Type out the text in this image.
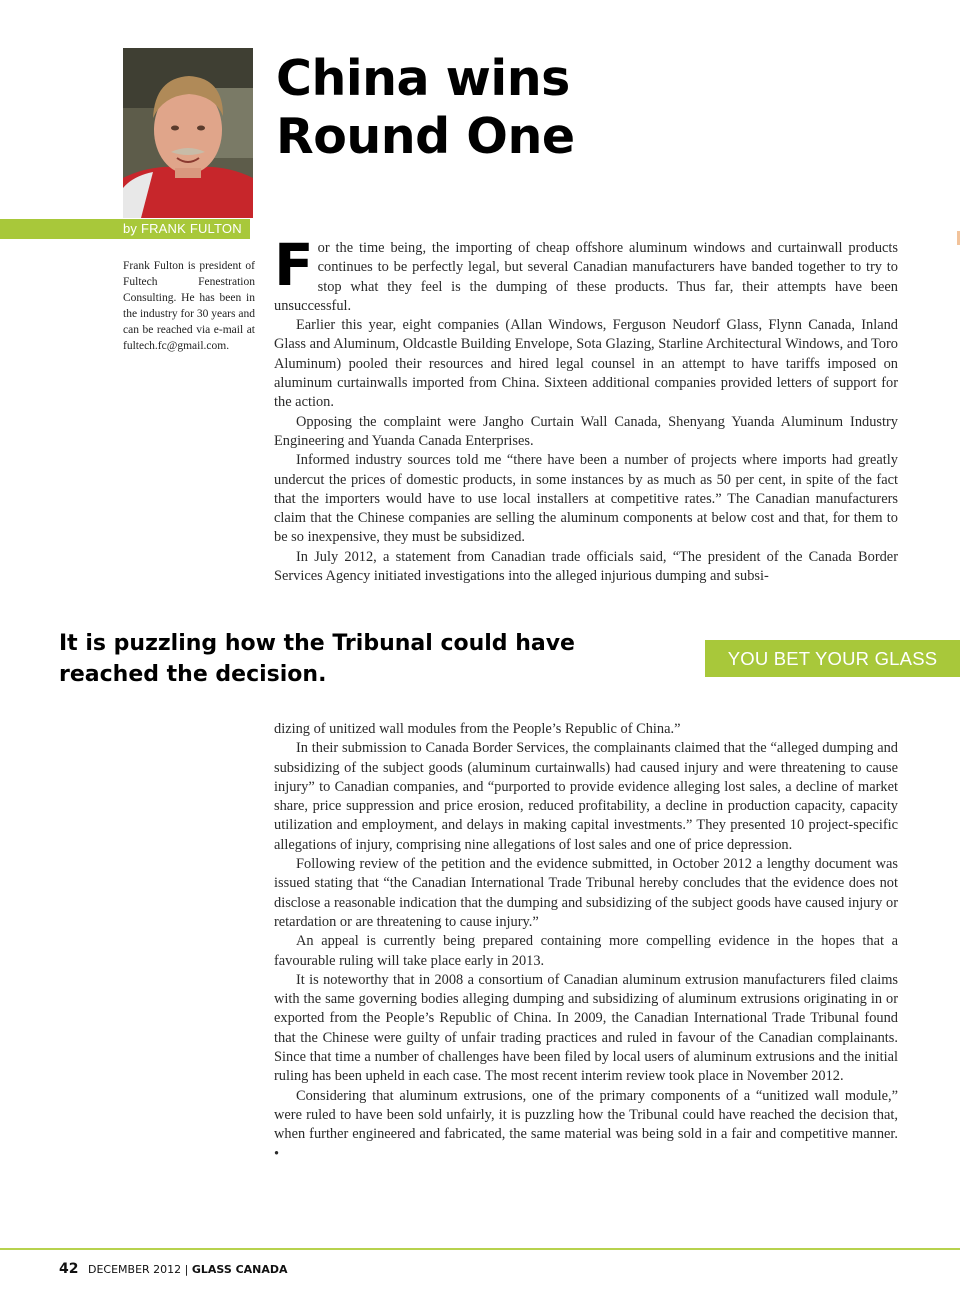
by FRANK FULTON
Frank Fulton is president of Fultech Fenestration Consulting. He has been in the industry for 30 years and can be reached via e-mail at fultech.fc@gmail.com.
China wins
Round One

For the time being, the importing of cheap offshore aluminum windows and curtainwall products continues to be perfectly legal, but several Canadian manufacturers have banded together to try to stop what they feel is the dumping of these products. Thus far, their attempts have been unsuccessful.

Earlier this year, eight companies (Allan Windows, Ferguson Neudorf Glass, Flynn Canada, Inland Glass and Aluminum, Oldcastle Building Envelope, Sota Glazing, Starline Architectural Windows, and Toro Aluminum) pooled their resources and hired legal counsel in an attempt to have tariffs imposed on aluminum curtainwalls imported from China. Sixteen additional companies provided letters of support for the action.

Opposing the complaint were Jangho Curtain Wall Canada, Shenyang Yuanda Aluminum Industry Engineering and Yuanda Canada Enterprises.

Informed industry sources told me “there have been a number of projects where imports had greatly undercut the prices of domestic products, in some instances by as much as 50 per cent, in spite of the fact that the importers would have to use local installers at competitive rates.” The Canadian manufacturers claim that the Chinese companies are selling the aluminum components at below cost and that, for them to be so inexpensive, they must be subsidized.

In July 2012, a statement from Canadian trade officials said, “The president of the Canada Border Services Agency initiated investigations into the alleged injurious dumping and subsi-

It is puzzling how the Tribunal could have reached the decision.
YOU BET YOUR GLASS

dizing of unitized wall modules from the People’s Republic of China.”

In their submission to Canada Border Services, the complainants claimed that the “alleged dumping and subsidizing of the subject goods (aluminum curtainwalls) had caused injury and were threatening to cause injury” to Canadian companies, and “purported to provide evidence alleging lost sales, a decline of market share, price suppression and price erosion, reduced profitability, a decline in production capacity, capacity utilization and employment, and delays in making capital investments.” They presented 10 project-specific allegations of injury, comprising nine allegations of lost sales and one of price depression.

Following review of the petition and the evidence submitted, in October 2012 a lengthy document was issued stating that “the Canadian International Trade Tribunal hereby concludes that the evidence does not disclose a reasonable indication that the dumping and subsidizing of the subject goods have caused injury or retardation or are threatening to cause injury.”

An appeal is currently being prepared containing more compelling evidence in the hopes that a favourable ruling will take place early in 2013.

It is noteworthy that in 2008 a consortium of Canadian aluminum extrusion manufacturers filed claims with the same governing bodies alleging dumping and subsidizing of aluminum extrusions originating in or exported from the People’s Republic of China. In 2009, the Canadian International Trade Tribunal found that the Chinese were guilty of unfair trading practices and ruled in favour of the Canadian complainants. Since that time a number of challenges have been filed by local users of aluminum extrusions and the initial ruling has been upheld in each case. The most recent interim review took place in November 2012.

Considering that aluminum extrusions, one of the primary components of a “unitized wall module,” were ruled to have been sold unfairly, it is puzzling how the Tribunal could have reached the decision that, when further engineered and fabricated, the same material was being sold in a fair and competitive manner. •

42 DECEMBER 2012 | GLASS CANADA
